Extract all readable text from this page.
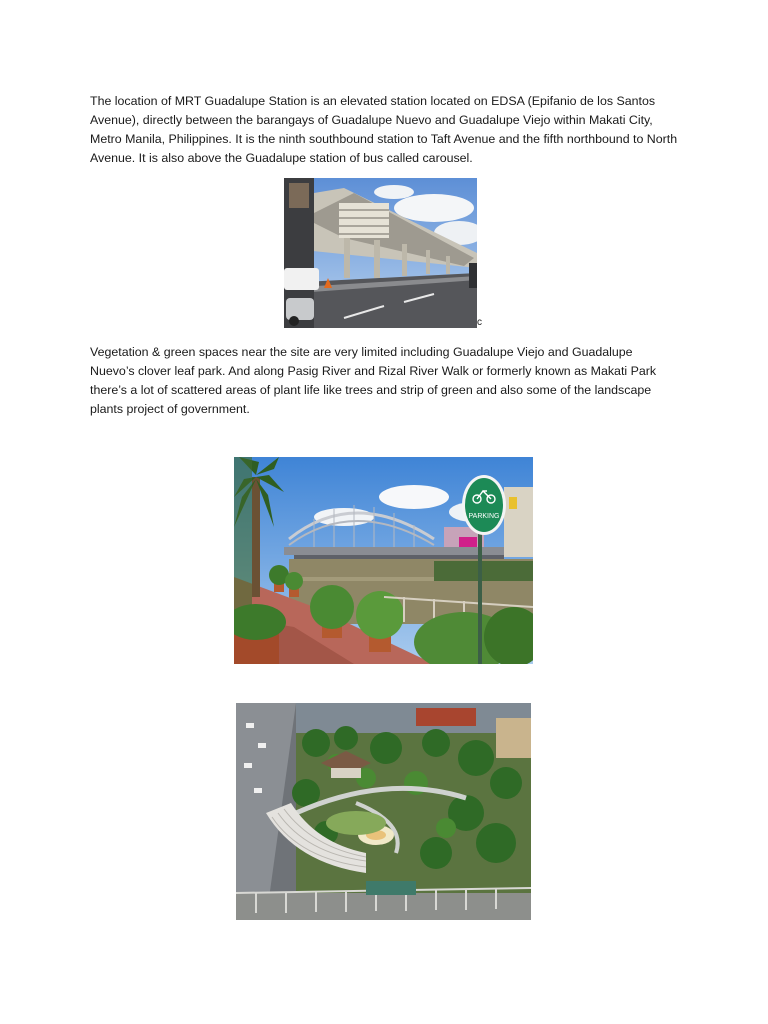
The location of MRT Guadalupe Station is an elevated station located on EDSA (Epifanio de los Santos Avenue), directly between the barangays of Guadalupe Nuevo and Guadalupe Viejo within Makati City, Metro Manila, Philippines. It is the ninth southbound station to Taft Avenue and the fifth northbound to North Avenue. It is also above the Guadalupe station of bus called carousel.

c

Vegetation & green spaces near the site are very limited including Guadalupe Viejo and Guadalupe Nuevo’s clover leaf park. And along Pasig River and Rizal River Walk or formerly known as Makati Park there’s a lot of scattered areas of plant life like trees and strip of green and also some of the landscape plants project of government.

PARKING
